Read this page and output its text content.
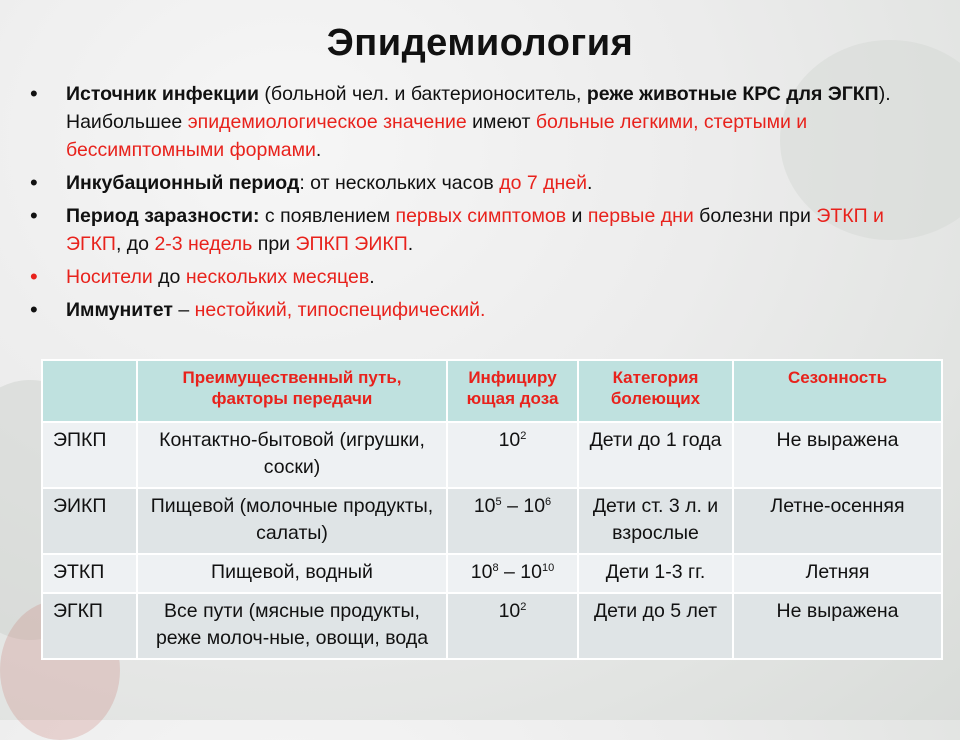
Эпидемиология
• Источник инфекции (больной чел. и бактерионоситель, реже животные КРС для ЭГКП). Наибольшее эпидемиологическое значение имеют больные легкими, стертыми и бессимптомными формами.
• Инкубационный период: от нескольких часов до 7 дней.
• Период заразности: с появлением первых симптомов и первые дни болезни при ЭТКП и ЭГКП, до 2-3 недель при ЭПКП ЭИКП.
• Носители до нескольких месяцев.
• Иммунитет – нестойкий, типоспецифический.
	Преимущественный путь, факторы передачи	Инфициру ющая доза	Категория болеющих	Сезонность
ЭПКП	Контактно-бытовой (игрушки, соски)	$10^2$	Дети до 1 года	Не выражена
ЭИКП	Пищевой (молочные продукты, салаты)	$10^5 - 10^6$	Дети ст. 3 л. и взрослые	Летне-осенняя
ЭТКП	Пищевой, водный	$10^8 - 10^{10}$	Дети 1-3 гг.	Летняя
ЭГКП	Все пути (мясные продукты, реже молоч-ные, овощи, вода	$10^2$	Дети до 5 лет	Не выражена
